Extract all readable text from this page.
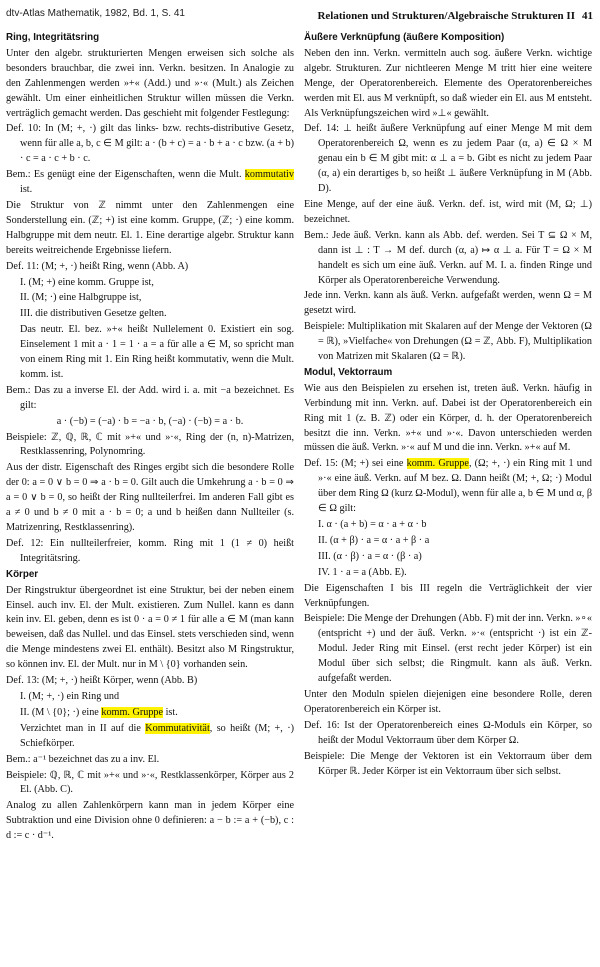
dtv-Atlas Mathematik, 1982, Bd. 1, S. 41	Relationen und Strukturen/Algebraische Strukturen II 41

Ring, Integritätsring

Unter den algebr. strukturierten Mengen erweisen sich solche als besonders brauchbar, die zwei inn. Verkn. besitzen. In Analogie zu den Zahlenmengen werden »+« (Add.) und »·« (Mult.) als Zeichen gewählt. Um einer einheitlichen Struktur willen müssen die Verkn. verträglich gemacht werden. Das geschieht mit folgender Festlegung:

Def. 10: In (M; +, ·) gilt das links- bzw. rechts-distributive Gesetz, wenn für alle a, b, c ∈ M gilt: a · (b + c) = a · b + a · c bzw. (a + b) · c = a · c + b · c.

Bem.: Es genügt eine der Eigenschaften, wenn die Mult. kommutativ ist.

Die Struktur von ℤ nimmt unter den Zahlenmengen eine Sonderstellung ein. (ℤ; +) ist eine komm. Gruppe, (ℤ; ·) eine komm. Halbgruppe mit dem neutr. El. 1. Eine derartige algebr. Struktur kann bereits weitreichende Ergebnisse liefern.

Def. 11: (M; +, ·) heißt Ring, wenn (Abb. A)

I. (M; +) eine komm. Gruppe ist,

II. (M; ·) eine Halbgruppe ist,

III. die distributiven Gesetze gelten.

Das neutr. El. bez. »+« heißt Nullelement 0. Existiert ein sog. Einselement 1 mit a · 1 = 1 · a = a für alle a ∈ M, so spricht man von einem Ring mit 1. Ein Ring heißt kommutativ, wenn die Mult. komm. ist.

Bem.: Das zu a inverse El. der Add. wird i. a. mit −a bezeichnet. Es gilt:

a · (−b) = (−a) · b = −a · b, (−a) · (−b) = a · b.

Beispiele: ℤ, ℚ, ℝ, ℂ mit »+« und »·«, Ring der (n, n)-Matrizen, Restklassenring, Polynomring.

Aus der distr. Eigenschaft des Ringes ergibt sich die besondere Rolle der 0: a = 0 ∨ b = 0 ⇒ a · b = 0. Gilt auch die Umkehrung a · b = 0 ⇒ a = 0 ∨ b = 0, so heißt der Ring nullteilerfrei. Im anderen Fall gibt es a ≠ 0 und b ≠ 0 mit a · b = 0; a und b heißen dann Nullteiler (s. Matrizenring, Restklassenring).

Def. 12: Ein nullteilerfreier, komm. Ring mit 1 (1 ≠ 0) heißt Integritätsring.

Körper

Der Ringstruktur übergeordnet ist eine Struktur, bei der neben einem Einsel. auch inv. El. der Mult. existieren. Zum Nullel. kann es dann kein inv. El. geben, denn es ist 0 · a = 0 ≠ 1 für alle a ∈ M (man kann beweisen, daß das Nullel. und das Einsel. stets verschieden sind, wenn die Menge mindestens zwei El. enthält). Besitzt also M Ringstruktur, so können inv. El. der Mult. nur in M \ {0} vorhanden sein.

Def. 13: (M; +, ·) heißt Körper, wenn (Abb. B)

I. (M; +, ·) ein Ring und

II. (M \ {0}; ·) eine komm. Gruppe ist.

Verzichtet man in II auf die Kommutativität, so heißt (M; +, ·) Schiefkörper.

Bem.: a⁻¹ bezeichnet das zu a inv. El.

Beispiele: ℚ, ℝ, ℂ mit »+« und »·«, Restklassenkörper, Körper aus 2 El. (Abb. C).

Analog zu allen Zahlenkörpern kann man in jedem Körper eine Subtraktion und eine Division ohne 0 definieren: a − b := a + (−b), c : d := c · d⁻¹.

Äußere Verknüpfung (äußere Komposition)

Neben den inn. Verkn. vermitteln auch sog. äußere Verkn. wichtige algebr. Strukturen. Zur nichtleeren Menge M tritt hier eine weitere Menge, der Operatorenbereich. Elemente des Operatorenbereiches werden mit El. aus M verknüpft, so daß wieder ein El. aus M entsteht. Als Verknüpfungszeichen wird »⊥« gewählt.

Def. 14: ⊥ heißt äußere Verknüpfung auf einer Menge M mit dem Operatorenbereich Ω, wenn es zu jedem Paar (α, a) ∈ Ω × M genau ein b ∈ M gibt mit: α ⊥ a = b. Gibt es nicht zu jedem Paar (α, a) ein derartiges b, so heißt ⊥ äußere Verknüpfung in M (Abb. D).

Eine Menge, auf der eine äuß. Verkn. def. ist, wird mit (M, Ω; ⊥) bezeichnet.

Bem.: Jede äuß. Verkn. kann als Abb. def. werden. Sei T ⊆ Ω × M, dann ist ⊥ : T → M def. durch (α, a) ↦ α ⊥ a. Für T = Ω × M handelt es sich um eine äuß. Verkn. auf M. I. a. finden Ringe und Körper als Operatorenbereiche Verwendung.

Jede inn. Verkn. kann als äuß. Verkn. aufgefaßt werden, wenn Ω = M gesetzt wird.

Beispiele: Multiplikation mit Skalaren auf der Menge der Vektoren (Ω = ℝ), »Vielfache« von Drehungen (Ω = ℤ, Abb. F), Multiplikation von Matrizen mit Skalaren (Ω = ℝ).

Modul, Vektorraum

Wie aus den Beispielen zu ersehen ist, treten äuß. Verkn. häufig in Verbindung mit inn. Verkn. auf. Dabei ist der Operatorenbereich ein Ring mit 1 (z. B. ℤ) oder ein Körper, d. h. der Operatorenbereich besitzt die inn. Verkn. »+« und »·«. Davon unterschieden werden müssen die äuß. Verkn. »·« auf M und die inn. Verkn. »+« auf M.

Def. 15: (M; +) sei eine komm. Gruppe, (Ω; +, ·) ein Ring mit 1 und »·« eine äuß. Verkn. auf M bez. Ω. Dann heißt (M; +, Ω; ·) Modul über dem Ring Ω (kurz Ω-Modul), wenn für alle a, b ∈ M und α, β ∈ Ω gilt:

I. α · (a + b) = α · a + α · b

II. (α + β) · a = α · a + β · a

III. (α · β) · a = α · (β · a)

IV. 1 · a = a (Abb. E).

Die Eigenschaften I bis III regeln die Verträglichkeit der vier Verknüpfungen.

Beispiele: Die Menge der Drehungen (Abb. F) mit der inn. Verkn. »∘« (entspricht +) und der äuß. Verkn. »·« (entspricht ·) ist ein ℤ-Modul. Jeder Ring mit Einsel. (erst recht jeder Körper) ist ein Modul über sich selbst; die Ringmult. kann als äuß. Verkn. aufgefaßt werden.

Unter den Moduln spielen diejenigen eine besondere Rolle, deren Operatorenbereich ein Körper ist.

Def. 16: Ist der Operatorenbereich eines Ω-Moduls ein Körper, so heißt der Modul Vektorraum über dem Körper Ω.

Beispiele: Die Menge der Vektoren ist ein Vektorraum über dem Körper ℝ. Jeder Körper ist ein Vektorraum über sich selbst.
